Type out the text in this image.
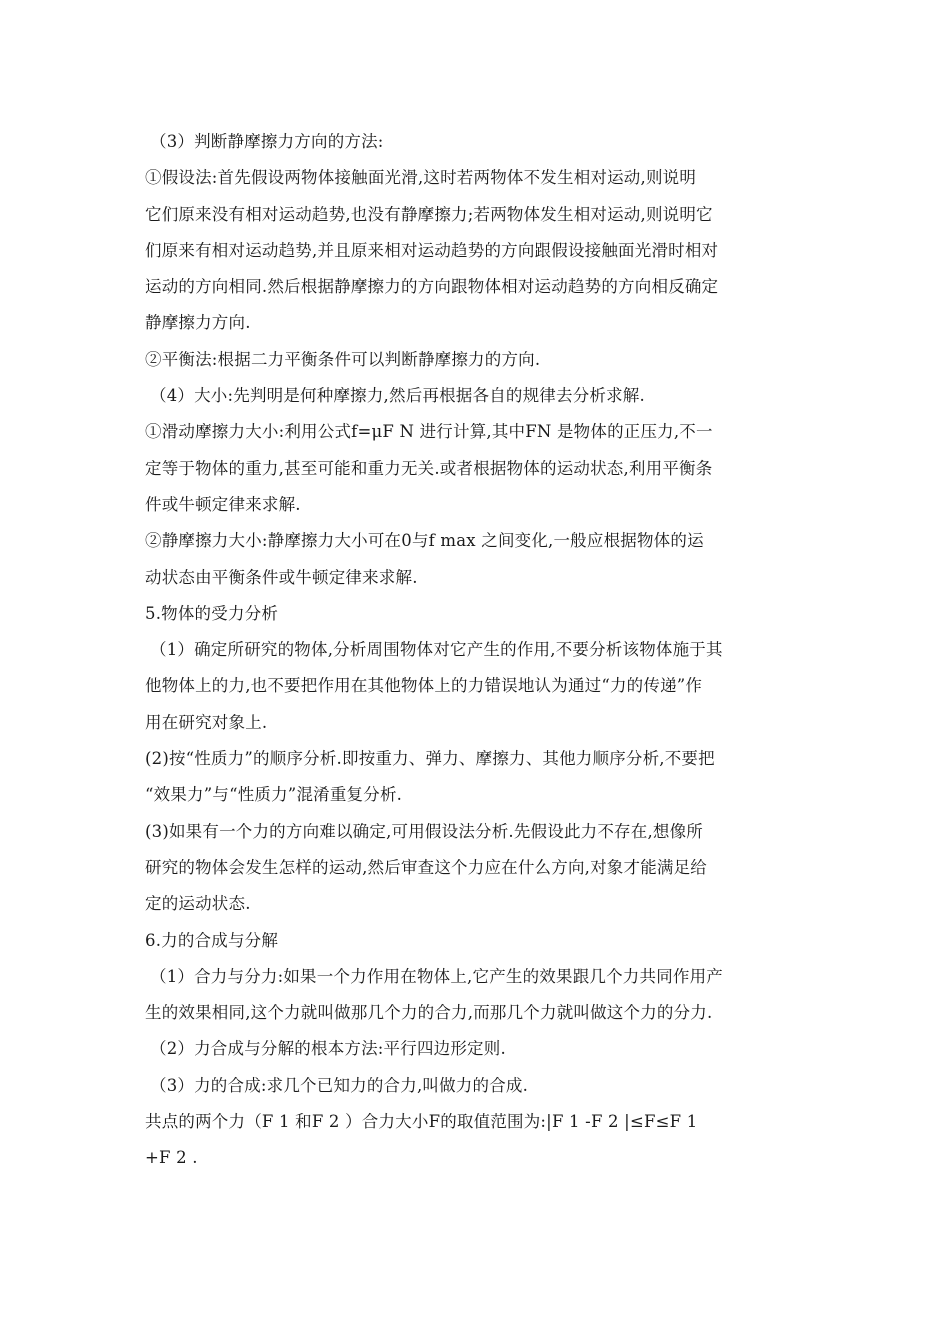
（3）判断静摩擦力方向的方法:
①假设法:首先假设两物体接触面光滑,这时若两物体不发生相对运动,则说明
它们原来没有相对运动趋势,也没有静摩擦力;若两物体发生相对运动,则说明它
们原来有相对运动趋势,并且原来相对运动趋势的方向跟假设接触面光滑时相对
运动的方向相同.然后根据静摩擦力的方向跟物体相对运动趋势的方向相反确定
静摩擦力方向.
②平衡法:根据二力平衡条件可以判断静摩擦力的方向.
（4）大小:先判明是何种摩擦力,然后再根据各自的规律去分析求解.
①滑动摩擦力大小:利用公式f=μF N 进行计算,其中FN 是物体的正压力,不一
定等于物体的重力,甚至可能和重力无关.或者根据物体的运动状态,利用平衡条
件或牛顿定律来求解.
②静摩擦力大小:静摩擦力大小可在0与f max 之间变化,一般应根据物体的运
动状态由平衡条件或牛顿定律来求解.
5.物体的受力分析
（1）确定所研究的物体,分析周围物体对它产生的作用,不要分析该物体施于其
他物体上的力,也不要把作用在其他物体上的力错误地认为通过“力的传递”作
用在研究对象上.
(2)按“性质力”的顺序分析.即按重力、弹力、摩擦力、其他力顺序分析,不要把
“效果力”与“性质力”混淆重复分析.
(3)如果有一个力的方向难以确定,可用假设法分析.先假设此力不存在,想像所
研究的物体会发生怎样的运动,然后审查这个力应在什么方向,对象才能满足给
定的运动状态.
6.力的合成与分解
（1）合力与分力:如果一个力作用在物体上,它产生的效果跟几个力共同作用产
生的效果相同,这个力就叫做那几个力的合力,而那几个力就叫做这个力的分力.
（2）力合成与分解的根本方法:平行四边形定则.
（3）力的合成:求几个已知力的合力,叫做力的合成.
共点的两个力（F 1 和F 2 ）合力大小F的取值范围为:|F 1 -F 2 |≤F≤F 1
+F 2 .
